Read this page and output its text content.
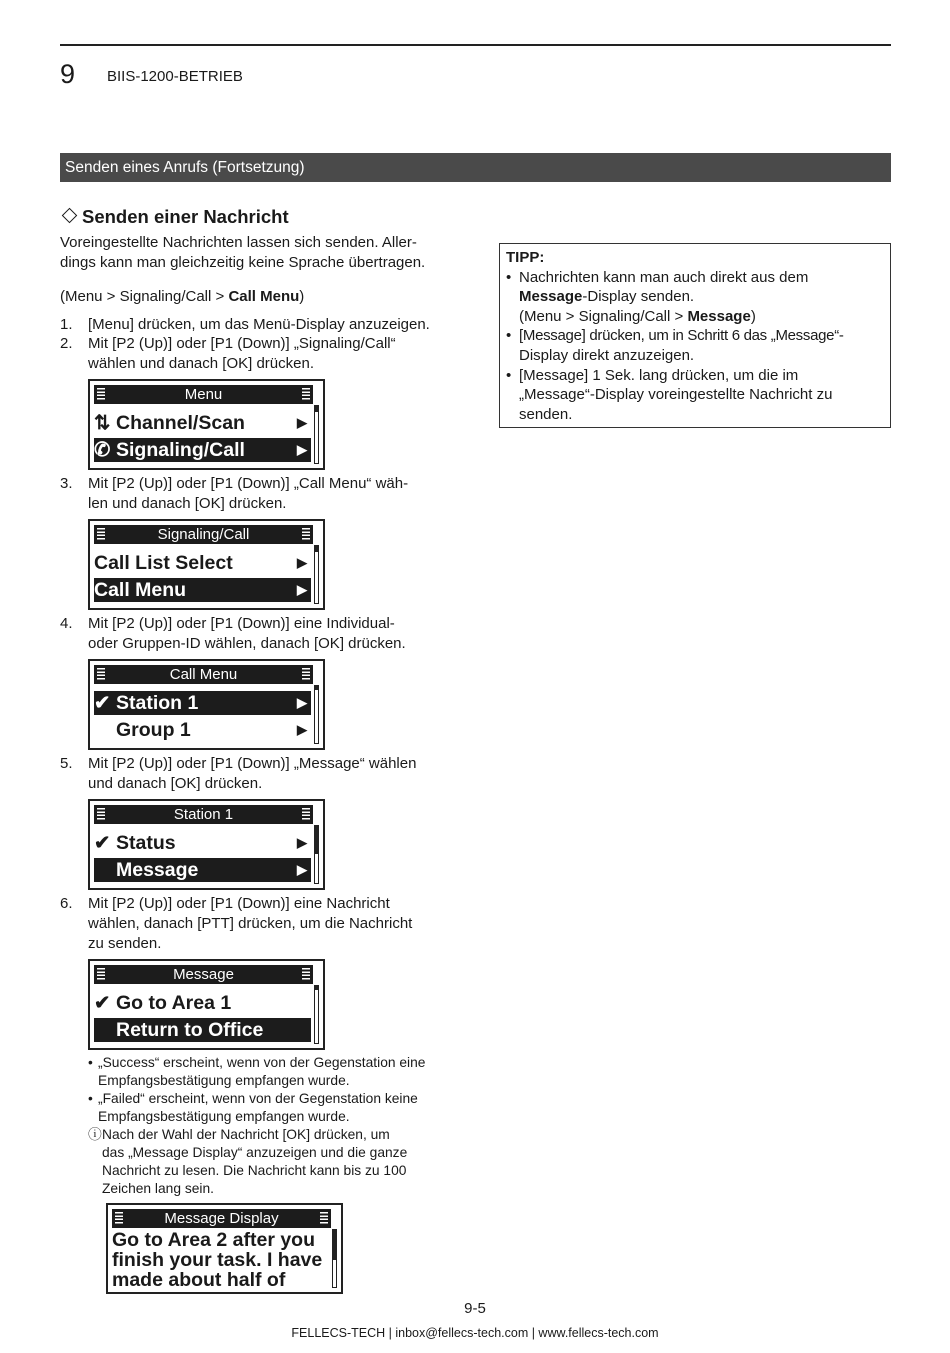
9 BIIS-1200-BETRIEB
Senden eines Anrufs (Fortsetzung)
Senden einer Nachricht
Voreingestellte Nachrichten lassen sich senden. Aller-
dings kann man gleichzeitig keine Sprache übertragen.
(Menu > Signaling/Call > Call Menu)
1. [Menu] drücken, um das Menü-Display anzuzeigen.
2. Mit [P2 (Up)] oder [P1 (Down)] „Signaling/Call“
wählen und danach [OK] drücken.
Menu
⇅ Channel/Scan	▶
✆ Signaling/Call	▶
3. Mit [P2 (Up)] oder [P1 (Down)] „Call Menu“ wäh-
len und danach [OK] drücken.
Signaling/Call
Call List Select	▶
Call Menu	▶
4. Mit [P2 (Up)] oder [P1 (Down)] eine Individual-
oder Gruppen-ID wählen, danach [OK] drücken.
Call Menu
✔ Station 1	▶
Group 1	▶
5. Mit [P2 (Up)] oder [P1 (Down)] „Message“ wählen
und danach [OK] drücken.
Station 1
✔ Status	▶
Message	▶
6. Mit [P2 (Up)] oder [P1 (Down)] eine Nachricht
wählen, danach [PTT] drücken, um die Nachricht
zu senden.
Message
✔ Go to Area 1
Return to Office
• „Success“ erscheint, wenn von der Gegenstation eine
Empfangsbestätigung empfangen wurde.
• „Failed“ erscheint, wenn von der Gegenstation keine
Empfangsbestätigung empfangen wurde.
ⓘ Nach der Wahl der Nachricht [OK] drücken, um
das „Message Display“ anzuzeigen und die ganze
Nachricht zu lesen. Die Nachricht kann bis zu 100
Zeichen lang sein.
Message Display
Go to Area 2 after you
finish your task. I have
made about half of
TIPP:
• Nachrichten kann man auch direkt aus dem
Message-Display senden.
(Menu > Signaling/Call > Message)
• [Message] drücken, um in Schritt 6 das „Message“-
Display direkt anzuzeigen.
• [Message] 1 Sek. lang drücken, um die im
„Message“-Display voreingestellte Nachricht zu
senden.
9-5
FELLECS-TECH | inbox@fellecs-tech.com | www.fellecs-tech.com
